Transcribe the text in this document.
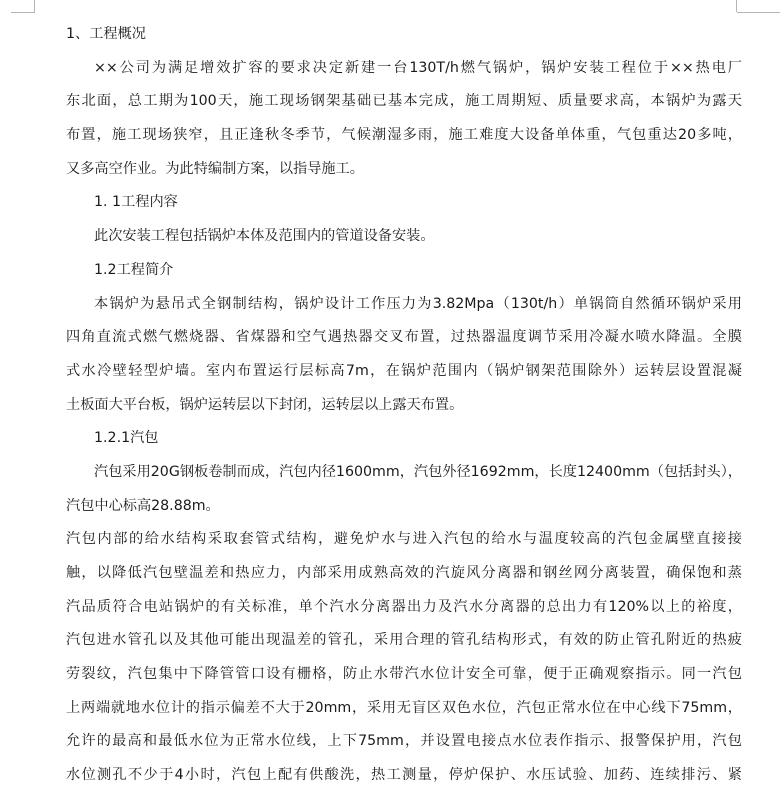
1、工程概况
××公司为满足增效扩容的要求决定新建一台130T/h燃气锅炉，锅炉安装工程位于××热电厂
东北面，总工期为100天，施工现场钢架基础已基本完成，施工周期短、质量要求高，本锅炉为露天
布置，施工现场狭窄，且正逢秋冬季节，气候潮湿多雨，施工难度大设备单体重，气包重达20多吨，
又多高空作业。为此特编制方案，以指导施工。
1. 1工程内容
此次安装工程包括锅炉本体及范围内的管道设备安装。
1.2工程简介
本锅炉为悬吊式全钢制结构，锅炉设计工作压力为3.82Mpa（130t/h）单锅筒自然循环锅炉采用
四角直流式燃气燃烧器、省煤器和空气遇热器交叉布置，过热器温度调节采用冷凝水喷水降温。全膜
式水冷壁轻型炉墙。室内布置运行层标高7m，在锅炉范围内（锅炉钢架范围除外）运转层设置混凝
土板面大平台板，锅炉运转层以下封闭，运转层以上露天布置。
1.2.1汽包
汽包采用20G钢板卷制而成，汽包内径1600mm，汽包外径1692mm，长度12400mm（包括封头），
汽包中心标高28.88m。
汽包内部的给水结构采取套管式结构，避免炉水与进入汽包的给水与温度较高的汽包金属壁直接接
触，以降低汽包壁温差和热应力，内部采用成熟高效的汽旋风分离器和钢丝网分离装置，确保饱和蒸
汽品质符合电站锅炉的有关标准，单个汽水分离器出力及汽水分离器的总出力有120%以上的裕度，
汽包进水管孔以及其他可能出现温差的管孔，采用合理的管孔结构形式，有效的防止管孔附近的热疲
劳裂纹，汽包集中下降管管口设有栅格，防止水带汽水位计安全可靠，便于正确观察指示。同一汽包
上两端就地水位计的指示偏差不大于20mm，采用无盲区双色水位，汽包正常水位在中心线下75mm，
允许的最高和最低水位为正常水位线，上下75mm，并设置电接点水位表作指示、报警保护用，汽包
水位测孔不少于4小时，汽包上配有供酸洗，热工测量，停炉保护、水压试验、加药、连续排污、紧
